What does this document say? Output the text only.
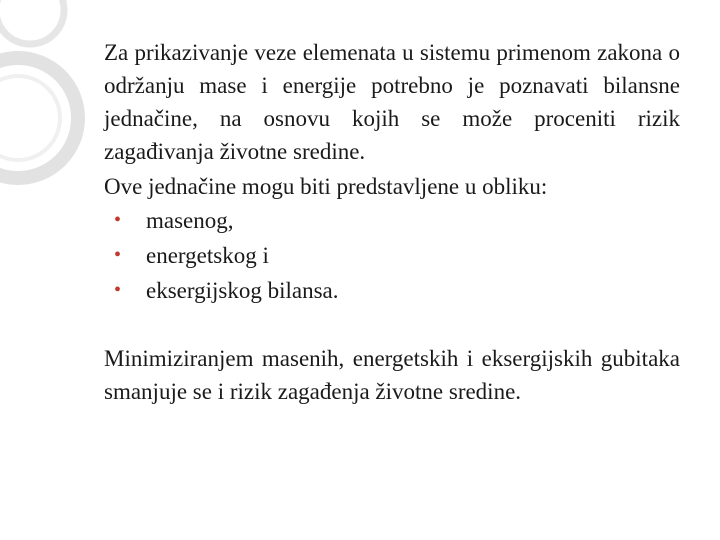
Za prikazivanje veze elemenata u sistemu primenom zakona o održanju mase i energije potrebno je poznavati bilansne jednačine, na osnovu kojih se može proceniti rizik zagađivanja životne sredine.

Ove jednačine mogu biti predstavljene u obliku:

• masenog,
• energetskog i
• eksergijskog bilansa.

Minimiziranjem masenih, energetskih i eksergijskih gubitaka smanjuje se i rizik zagađenja životne sredine.
